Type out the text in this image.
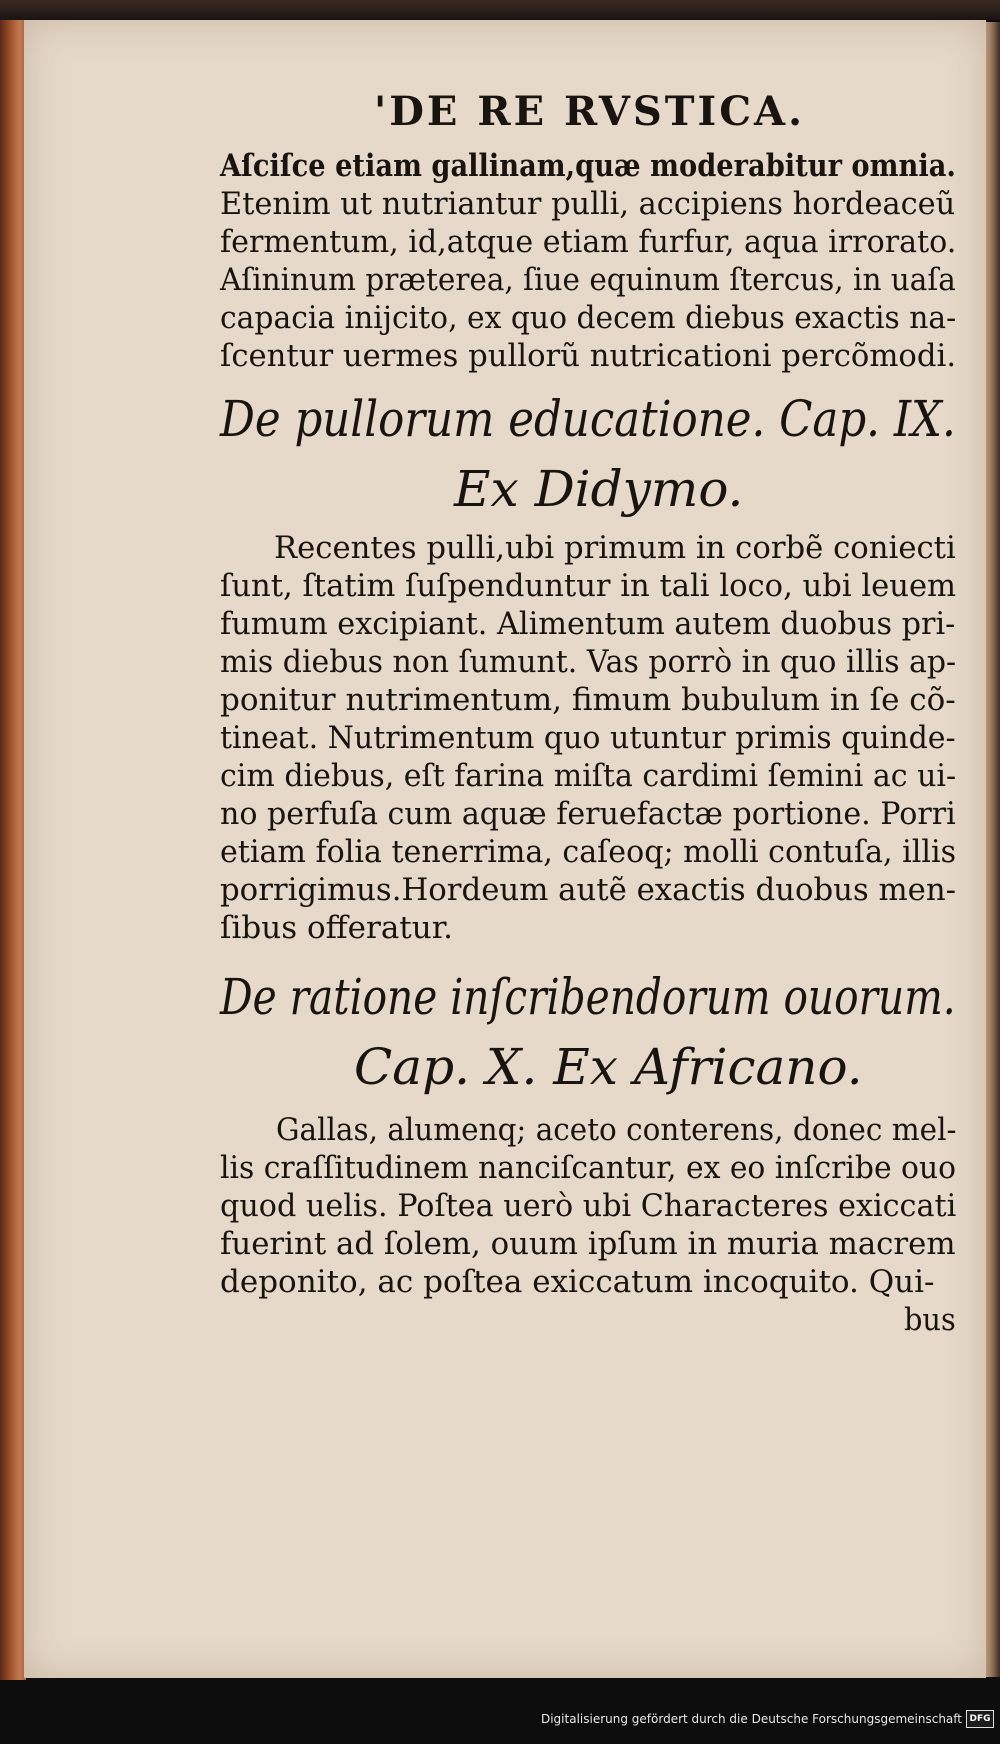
'DE RE RVSTICA.
Aſciſce etiam gallinam,quæ moderabitur omnia.
Etenim ut nutriantur pulli, accipiens hordeaceũ
fermentum, id,atque etiam furfur, aqua irrorato.
Aſininum præterea, ſiue equinum ſtercus, in uaſa
capacia inijcito, ex quo decem diebus exactis na-
ſcentur uermes pullorũ nutricationi percõmodi.
De pullorum educatione. Cap. IX.
Ex Didymo.
Recentes pulli,ubi primum in corbẽ coniecti
ſunt, ſtatim ſuſpenduntur in tali loco, ubi leuem
fumum excipiant. Alimentum autem duobus pri-
mis diebus non ſumunt. Vas porrò in quo illis ap-
ponitur nutrimentum, fimum bubulum in ſe cõ-
tineat. Nutrimentum quo utuntur primis quinde-
cim diebus, eſt farina miſta cardimi ſemini ac ui-
no perfuſa cum aquæ feruefactæ portione. Porri
etiam folia tenerrima, caſeoq; molli contuſa, illis
porrigimus.Hordeum autẽ exactis duobus men-
ſibus offeratur.
De ratione inſcribendorum ouorum.
Cap. X. Ex Africano.
Gallas, alumenq; aceto conterens, donec mel-
lis craſſitudinem nanciſcantur, ex eo inſcribe ouo
quod uelis. Poſtea uerò ubi Characteres exiccati
fuerint ad ſolem, ouum ipſum in muria macrem
deponito, ac poſtea exiccatum incoquito. Qui-
bus
Digitalisierung gefördert durch die Deutsche Forschungsgemeinschaft DFG
